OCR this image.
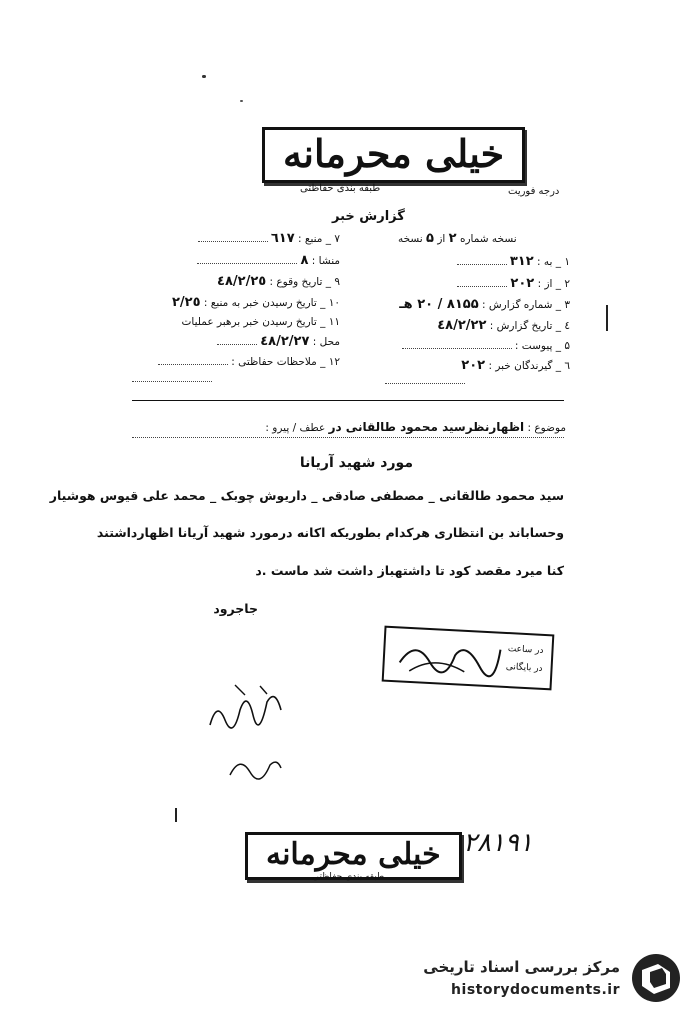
خیلی محرمانه
طبقه بندی حفاظتی	درجه فوریت
گزارش خبر
نسخه شماره ۲ از ۵ نسخه
۱ _ به : ۳۱۲
۲ _ از : ۲۰۲
۳ _ شماره گزارش : ۸۱۵۵ / ۲۰ هـ
٤ _ تاریخ گزارش : ٤٨/٢/٢٢
۵ _ پیوست :
٦ _ گیرندگان خبر : ۲۰۲
۷ _ منبع : ٦١٧
منشا : ۸
۹ _ تاریخ وقوع : ٤٨/٢/٢٥
۱۰ _ تاریخ رسیدن خبر به منبع : ٢/٢٥
۱۱ _ تاریخ رسیدن خبر برهبر عملیات
محل : ٤٨/٢/٢٧
۱۲ _ ملاحظات حفاظتی :
موضوع : اظهارنظرسید محمود طالقانی در عطف / پیرو :
مورد شهید آریانا
سید محمود طالقانی _ مصطفی صادقی _ داریوش چوبک _ محمد علی قیوس هوشیار
وحساباند بن انتظاری هرکدام بطوریکه اکانه درمورد شهید آریانا اظهارداشتند
کنا میرد مقصد کود تا داشتهباز داشت شد ماست .د
جاجرود
در ساعت
در بایگانی
٢٨١٩١
خیلی محرمانه
طبقه بندی حفاظتی
مرکز بررسی اسناد تاریخی
historydocuments.ir
